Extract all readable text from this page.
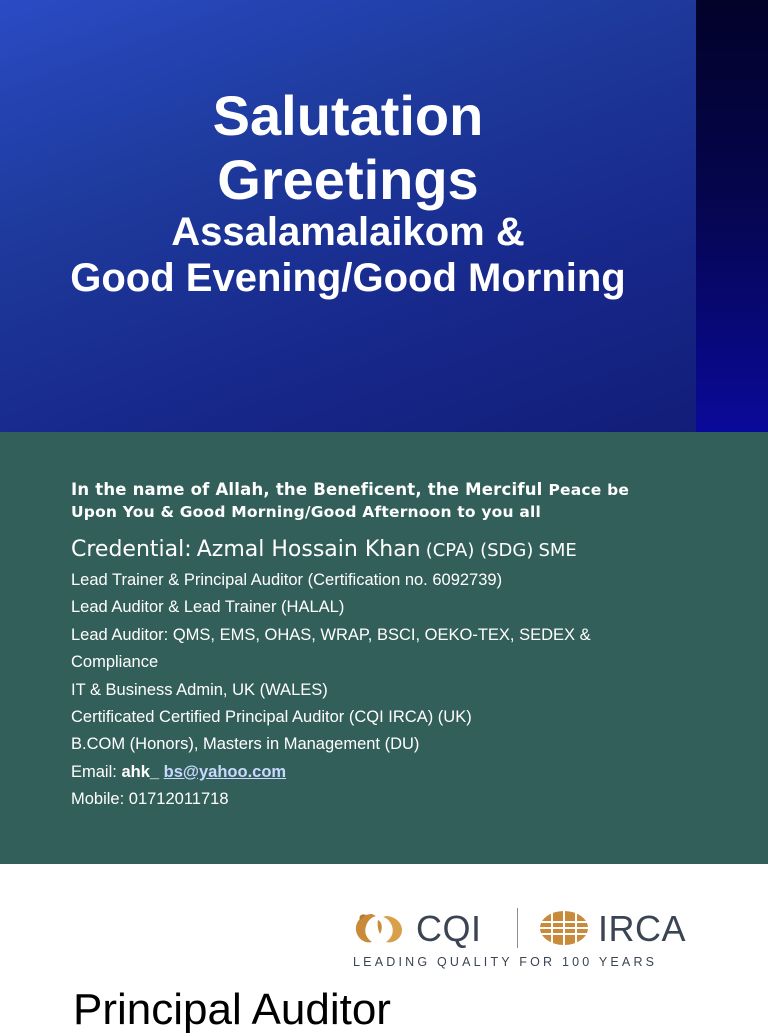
Salutation
Greetings
Assalamalaikom &
Good Evening/Good Morning
In the name of Allah, the Beneficent, the Merciful Peace be
Upon You & Good Morning/Good Afternoon to you all
Credential: Azmal Hossain Khan (CPA) (SDG) SME
Lead Trainer & Principal Auditor (Certification no. 6092739)
Lead Auditor & Lead Trainer (HALAL)
Lead Auditor: QMS, EMS, OHAS, WRAP, BSCI, OEKO-TEX, SEDEX &
Compliance
IT & Business Admin, UK (WALES)
Certificated Certified Principal Auditor (CQI IRCA) (UK)
B.COM (Honors), Masters in Management (DU)
Email: ahk_ bs@yahoo.com
Mobile: 01712011718
CQI	IRCA
LEADING QUALITY FOR 100 YEARS
Principal Auditor
